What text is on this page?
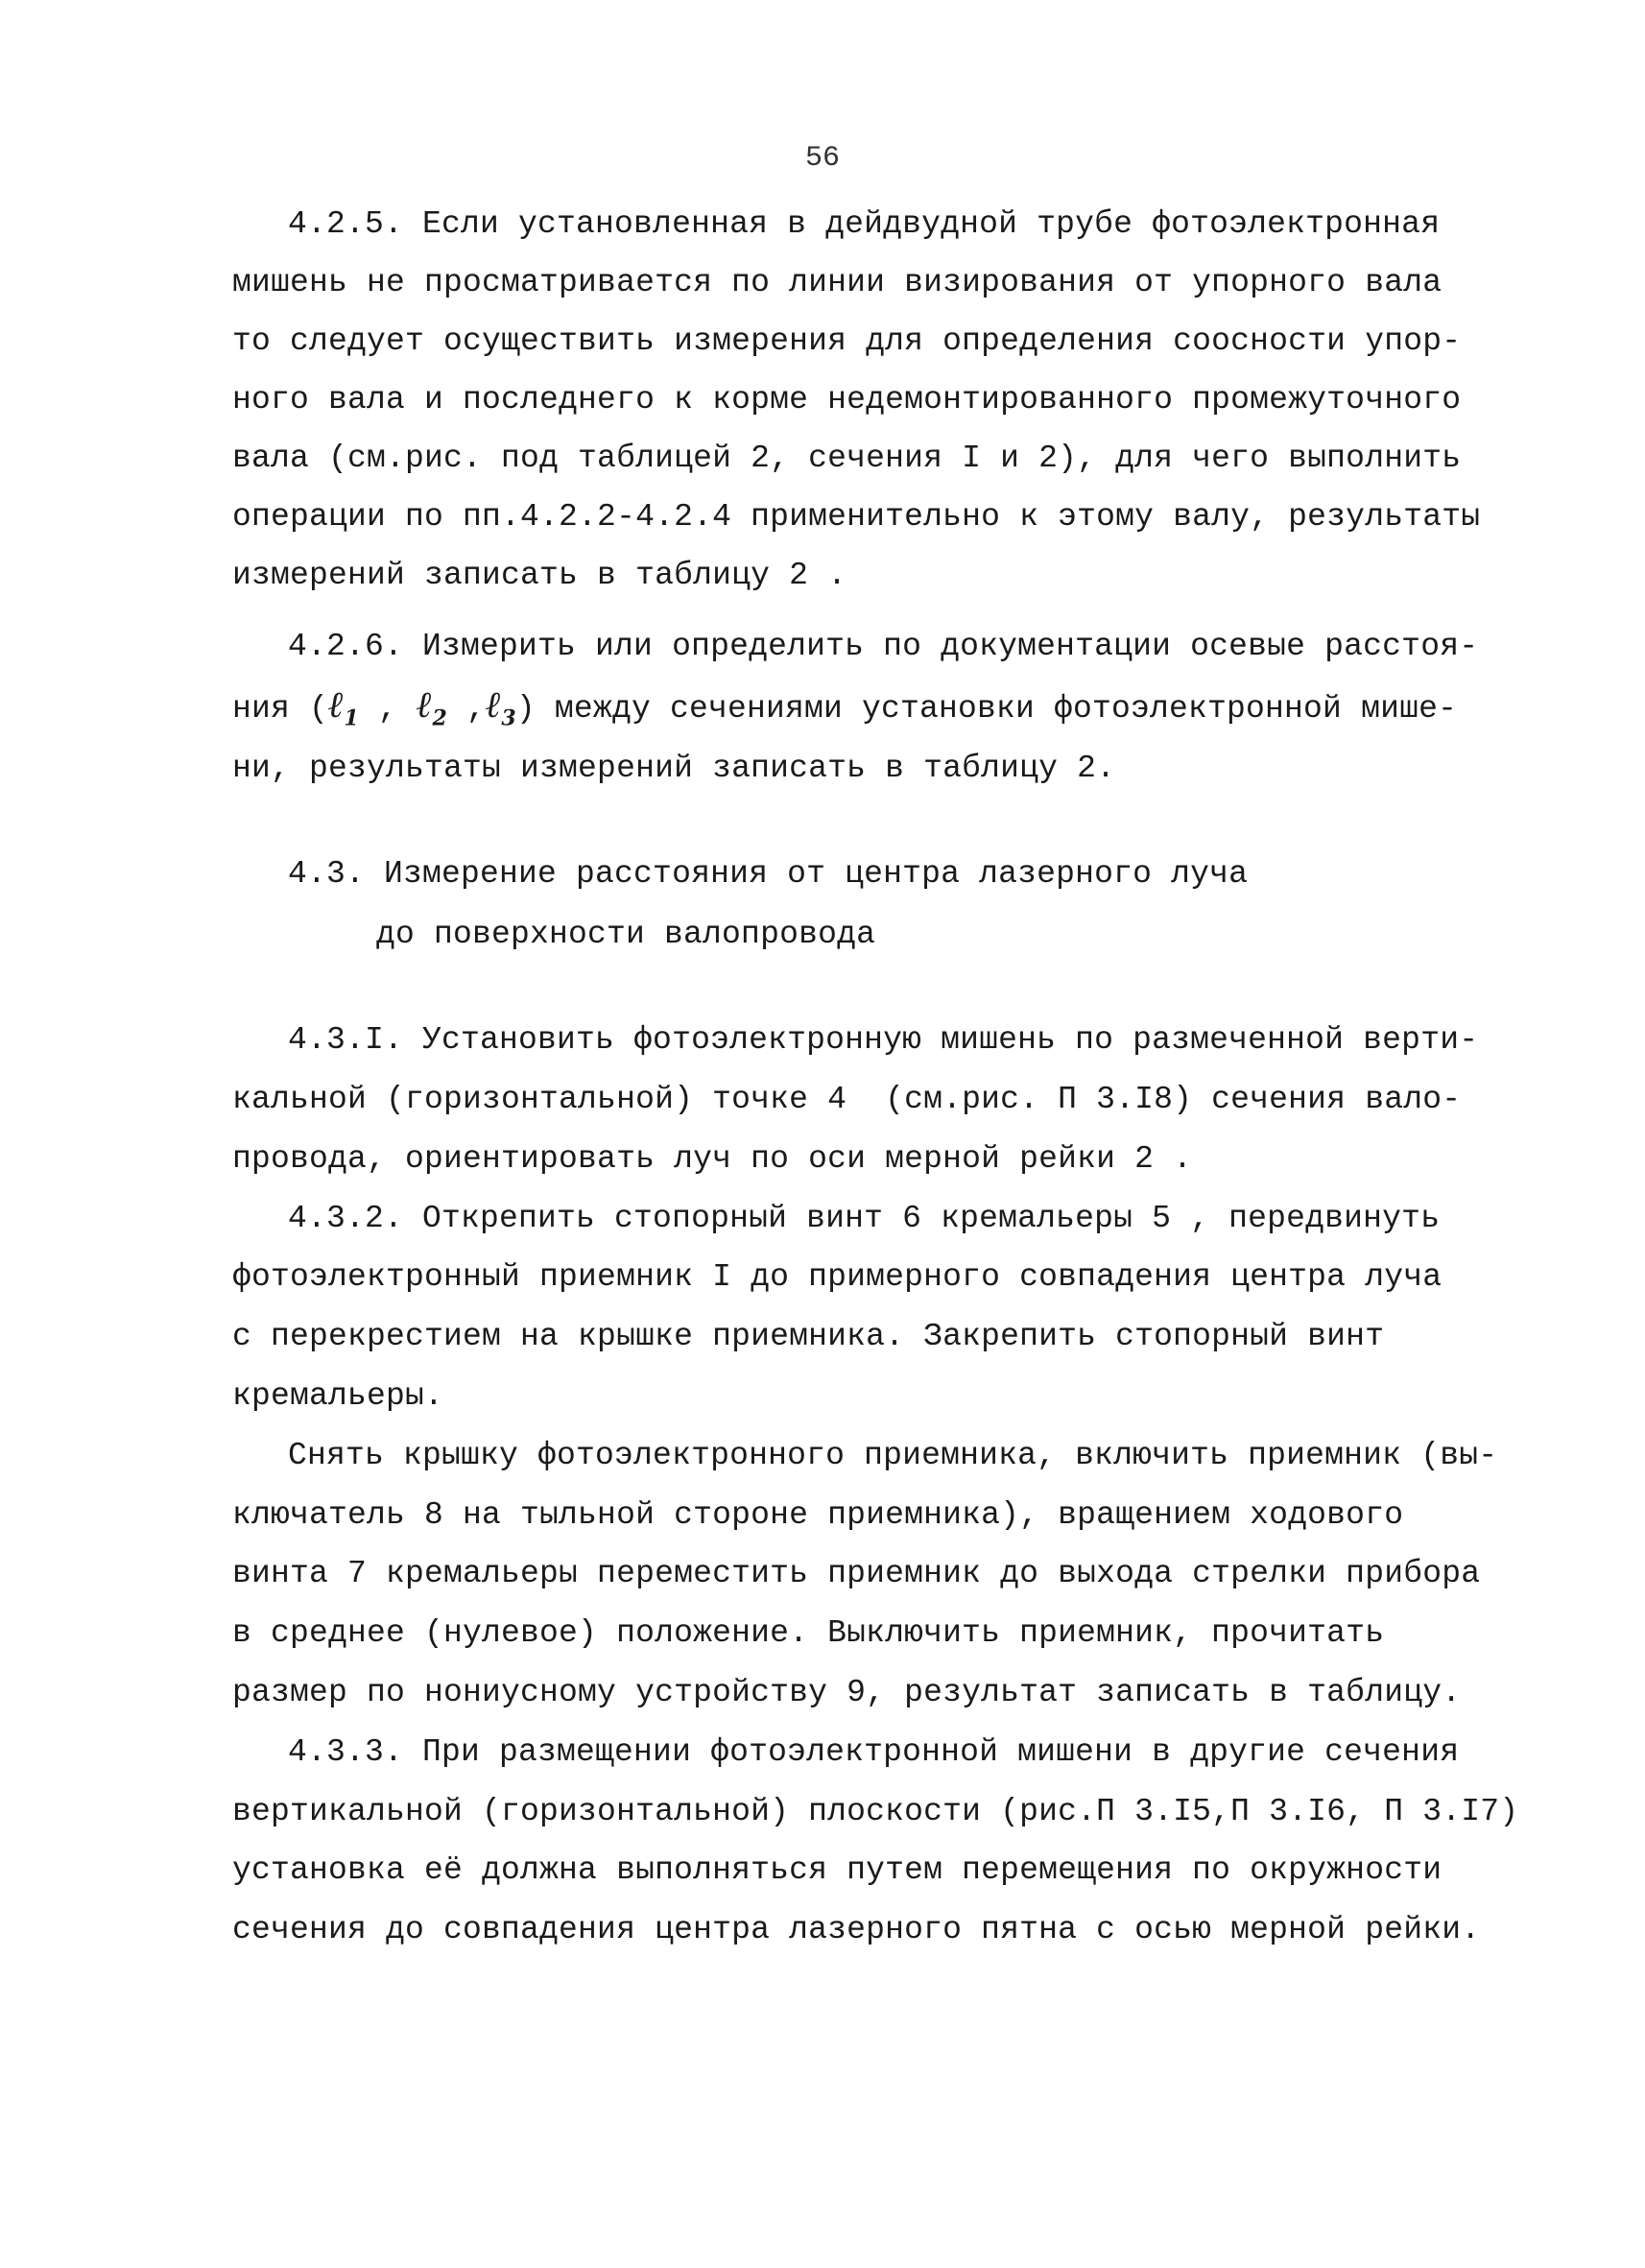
56
4.2.5. Если установленная в дейдвудной трубе фотоэлектронная
мишень не просматривается по линии визирования от упорного вала
то следует осуществить измерения для определения соосности упор-
ного вала и последнего к корме недемонтированного промежуточного
вала (см.рис. под таблицей 2, сечения I и 2), для чего выполнить
операции по пп.4.2.2-4.2.4 применительно к этому валу, результаты
измерений записать в таблицу 2 .
4.2.6. Измерить или определить по документации осевые расстоя-
ния (ℓ$_1$ , ℓ$_2$ ,ℓ$_3$) между сечениями установки фотоэлектронной мише-
ни, результаты измерений записать в таблицу 2.
4.3. Измерение расстояния от центра лазерного луча
до поверхности валопровода
4.3.I. Установить фотоэлектронную мишень по размеченной верти-
кальной (горизонтальной) точке 4  (см.рис. П 3.I8) сечения вало-
провода, ориентировать луч по оси мерной рейки 2 .
4.3.2. Открепить стопорный винт 6 кремальеры 5 , передвинуть
фотоэлектронный приемник I до примерного совпадения центра луча
с перекрестием на крышке приемника. Закрепить стопорный винт
кремальеры.
Снять крышку фотоэлектронного приемника, включить приемник (вы-
ключатель 8 на тыльной стороне приемника), вращением ходового
винта 7 кремальеры переместить приемник до выхода стрелки прибора
в среднее (нулевое) положение. Выключить приемник, прочитать
размер по нониусному устройству 9, результат записать в таблицу.
4.3.3. При размещении фотоэлектронной мишени в другие сечения
вертикальной (горизонтальной) плоскости (рис.П 3.I5,П 3.I6, П 3.I7)
установка её должна выполняться путем перемещения по окружности
сечения до совпадения центра лазерного пятна с осью мерной рейки.
